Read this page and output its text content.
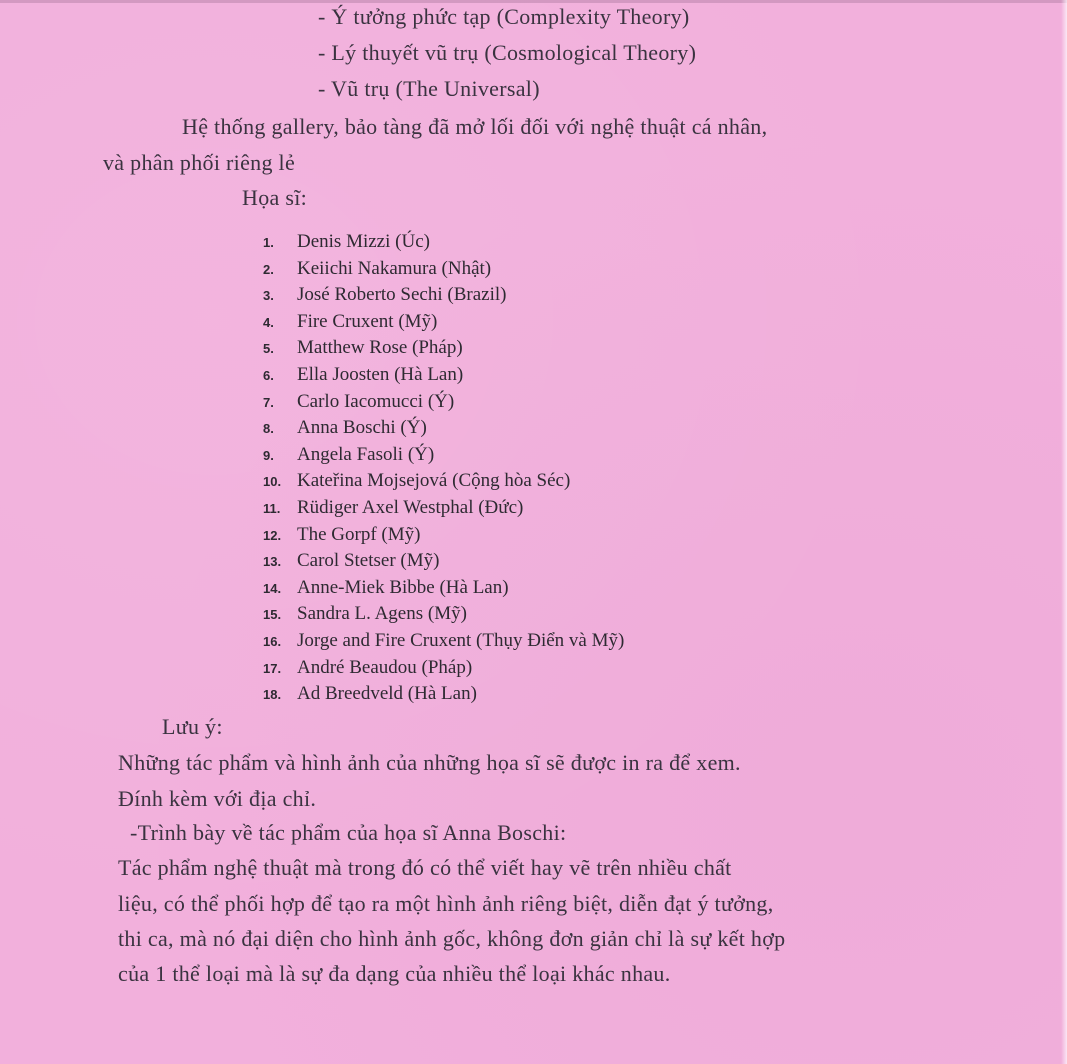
- Ý tưởng phức tạp (Complexity Theory)
- Lý thuyết vũ trụ (Cosmological Theory)
- Vũ trụ (The Universal)
Hệ thống gallery, bảo tàng đã mở lối đối với nghệ thuật cá nhân,
và phân phối riêng lẻ
Họa sĩ:
1. Denis Mizzi (Úc)
2. Keiichi Nakamura (Nhật)
3. José Roberto Sechi (Brazil)
4. Fire Cruxent (Mỹ)
5. Matthew Rose (Pháp)
6. Ella Joosten (Hà Lan)
7. Carlo Iacomucci (Ý)
8. Anna Boschi (Ý)
9. Angela Fasoli (Ý)
10. Kateřina Mojsejová (Cộng hòa Séc)
11. Rüdiger Axel Westphal (Đức)
12. The Gorpf (Mỹ)
13. Carol Stetser (Mỹ)
14. Anne-Miek Bibbe (Hà Lan)
15. Sandra L. Agens (Mỹ)
16. Jorge and Fire Cruxent (Thụy Điển và Mỹ)
17. André Beaudou (Pháp)
18. Ad Breedveld (Hà Lan)
Lưu ý:
Những tác phẩm và hình ảnh của những họa sĩ sẽ được in ra để xem.
Đính kèm với địa chỉ.
-Trình bày về tác phẩm của họa sĩ Anna Boschi:
Tác phẩm nghệ thuật mà trong đó có thể viết hay vẽ trên nhiều chất
liệu, có thể phối hợp để tạo ra một hình ảnh riêng biệt, diễn đạt ý tưởng,
thi ca, mà nó đại diện cho hình ảnh gốc, không đơn giản chỉ là sự kết hợp
của 1 thể loại mà là sự đa dạng của nhiều thể loại khác nhau.
